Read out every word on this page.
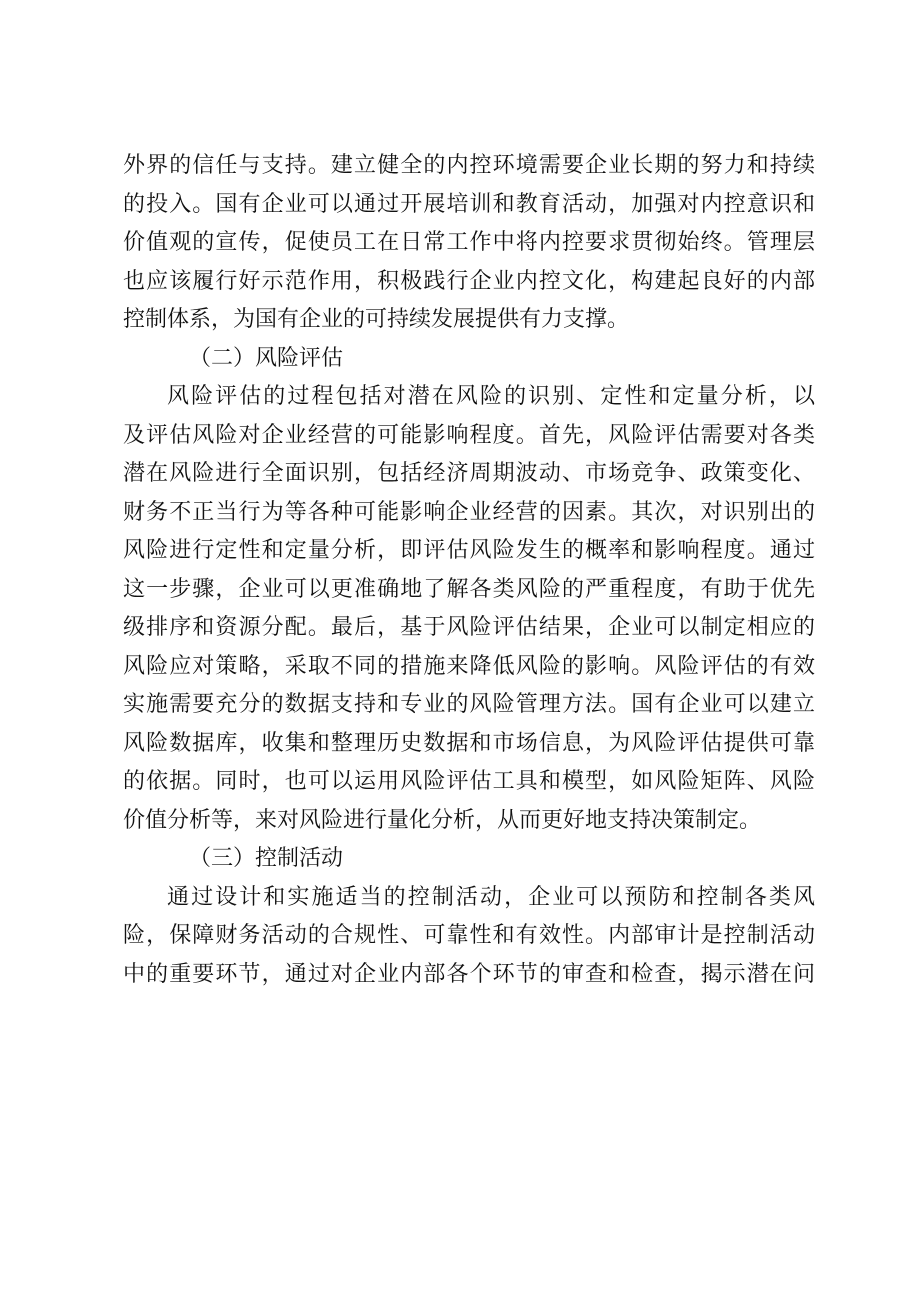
外界的信任与支持。建立健全的内控环境需要企业长期的努力和持续
的投入。国有企业可以通过开展培训和教育活动，加强对内控意识和
价值观的宣传，促使员工在日常工作中将内控要求贯彻始终。管理层
也应该履行好示范作用，积极践行企业内控文化，构建起良好的内部
控制体系，为国有企业的可持续发展提供有力支撑。
（二）风险评估
风险评估的过程包括对潜在风险的识别、定性和定量分析，以
及评估风险对企业经营的可能影响程度。首先，风险评估需要对各类
潜在风险进行全面识别，包括经济周期波动、市场竞争、政策变化、
财务不正当行为等各种可能影响企业经营的因素。其次，对识别出的
风险进行定性和定量分析，即评估风险发生的概率和影响程度。通过
这一步骤，企业可以更准确地了解各类风险的严重程度，有助于优先
级排序和资源分配。最后，基于风险评估结果，企业可以制定相应的
风险应对策略，采取不同的措施来降低风险的影响。风险评估的有效
实施需要充分的数据支持和专业的风险管理方法。国有企业可以建立
风险数据库，收集和整理历史数据和市场信息，为风险评估提供可靠
的依据。同时，也可以运用风险评估工具和模型，如风险矩阵、风险
价值分析等，来对风险进行量化分析，从而更好地支持决策制定。
（三）控制活动
通过设计和实施适当的控制活动，企业可以预防和控制各类风
险，保障财务活动的合规性、可靠性和有效性。内部审计是控制活动
中的重要环节，通过对企业内部各个环节的审查和检查，揭示潜在问
